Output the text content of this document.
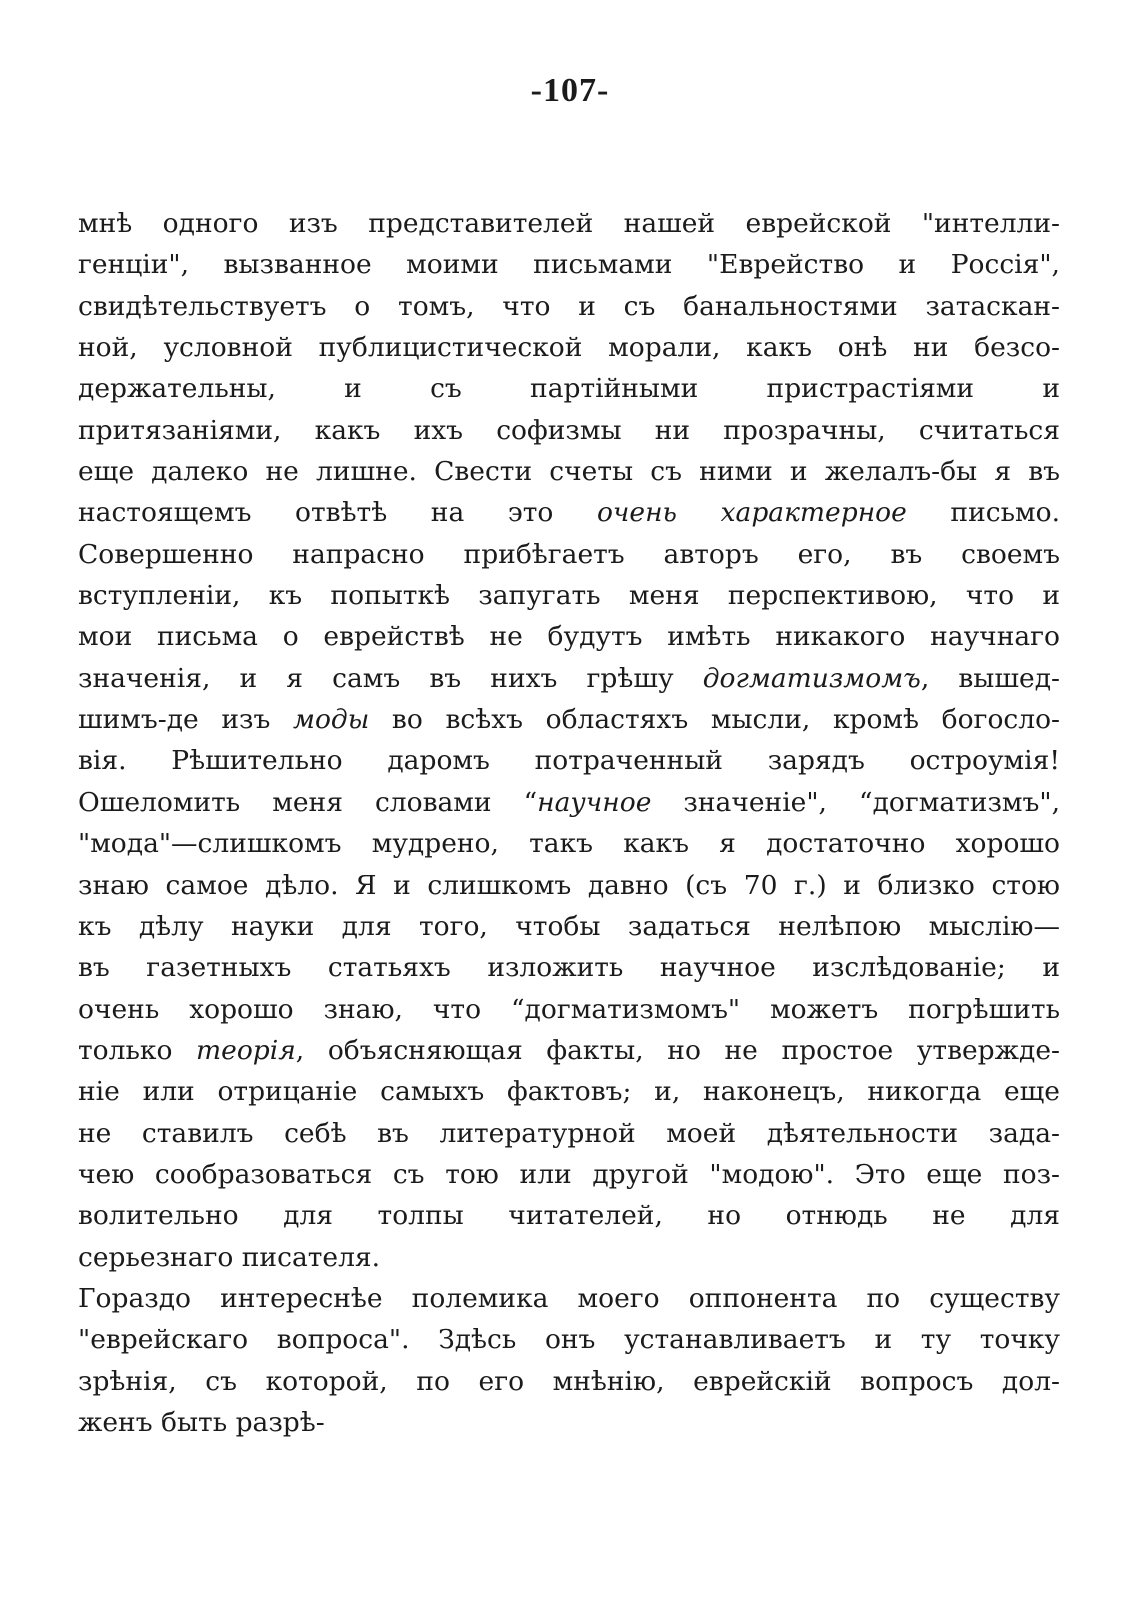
-107-
мнѣ одного изъ представителей нашей еврейской "интелли-
генціи", вызванное моими письмами "Еврейство и Россія",
свидѣтельствуетъ о томъ, что и съ банальностями затаскан-
ной, условной публицистической морали, какъ онѣ ни безсо-
держательны, и съ партійными пристрастіями и
притязаніями, какъ ихъ софизмы ни прозрачны, считаться
еще далеко не лишне. Свести счеты съ ними и желалъ-бы я въ
настоящемъ отвѣтѣ на это очень характерное письмо.
Совершенно напрасно прибѣгаетъ авторъ его, въ своемъ
вступленіи, къ попыткѣ запугать меня перспективою, что и
мои письма о еврействѣ не будутъ имѣть никакого научнаго
значенія, и я самъ въ нихъ грѣшу догматизмомъ, вышед-
шимъ-де изъ моды во всѣхъ областяхъ мысли, кромѣ богосло-
вія. Рѣшительно даромъ потраченный зарядъ остроумія!
Ошеломить меня словами “научное значеніе", “догматизмъ",
"мода"—слишкомъ мудрено, такъ какъ я достаточно хорошо
знаю самое дѣло. Я и слишкомъ давно (съ 70 г.) и близко стою
къ дѣлу науки для того, чтобы задаться нелѣпою мыслію—
въ газетныхъ статьяхъ изложить научное изслѣдованіе; и
очень хорошо знаю, что “догматизмомъ" можетъ погрѣшить
только теорія, объясняющая факты, но не простое утвержде-
ніе или отрицаніе самыхъ фактовъ; и, наконецъ, никогда еще
не ставилъ себѣ въ литературной моей дѣятельности зада-
чею сообразоваться съ тою или другой "модою". Это еще поз-
волительно для толпы читателей, но отнюдь не для
серьезнаго писателя.
Гораздо интереснѣе полемика моего оппонента по существу
"еврейскаго вопроса". Здѣсь онъ устанавливаетъ и ту точку
зрѣнія, съ которой, по его мнѣнію, еврейскій вопросъ дол-
женъ быть разрѣ-
